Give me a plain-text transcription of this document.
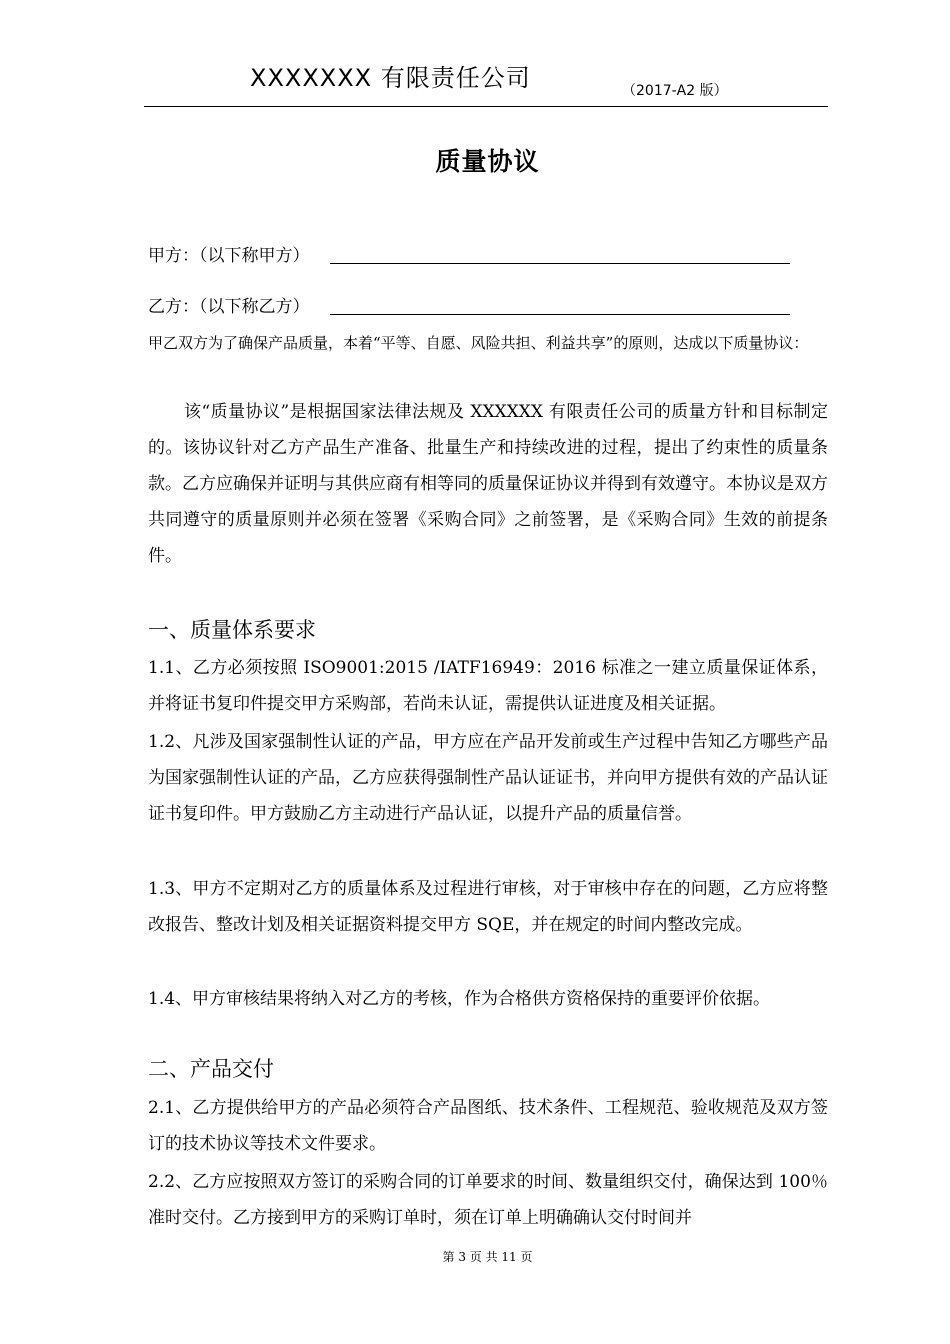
XXXXXXX 有限责任公司	（2017-A2 版）
质量协议
甲方：（以下称甲方）
乙方：（以下称乙方）
甲乙双方为了确保产品质量，本着“平等、自愿、风险共担、利益共享”的原则，达成以下质量协议：
该“质量协议”是根据国家法律法规及 XXXXXX 有限责任公司的质量方针和目标制定的。该协议针对乙方产品生产准备、批量生产和持续改进的过程，提出了约束性的质量条款。乙方应确保并证明与其供应商有相等同的质量保证协议并得到有效遵守。本协议是双方共同遵守的质量原则并必须在签署《采购合同》之前签署，是《采购合同》生效的前提条件。
一、质量体系要求
1.1、乙方必须按照 ISO9001:2015 /IATF16949：2016 标准之一建立质量保证体系，并将证书复印件提交甲方采购部，若尚未认证，需提供认证进度及相关证据。
1.2、凡涉及国家强制性认证的产品，甲方应在产品开发前或生产过程中告知乙方哪些产品为国家强制性认证的产品，乙方应获得强制性产品认证证书，并向甲方提供有效的产品认证证书复印件。甲方鼓励乙方主动进行产品认证，以提升产品的质量信誉。
1.3、甲方不定期对乙方的质量体系及过程进行审核，对于审核中存在的问题，乙方应将整改报告、整改计划及相关证据资料提交甲方 SQE，并在规定的时间内整改完成。
1.4、甲方审核结果将纳入对乙方的考核，作为合格供方资格保持的重要评价依据。
二、产品交付
2.1、乙方提供给甲方的产品必须符合产品图纸、技术条件、工程规范、验收规范及双方签订的技术协议等技术文件要求。
2.2、乙方应按照双方签订的采购合同的订单要求的时间、数量组织交付，确保达到 100％准时交付。乙方接到甲方的采购订单时，须在订单上明确确认交付时间并
第 3 页 共 11 页
